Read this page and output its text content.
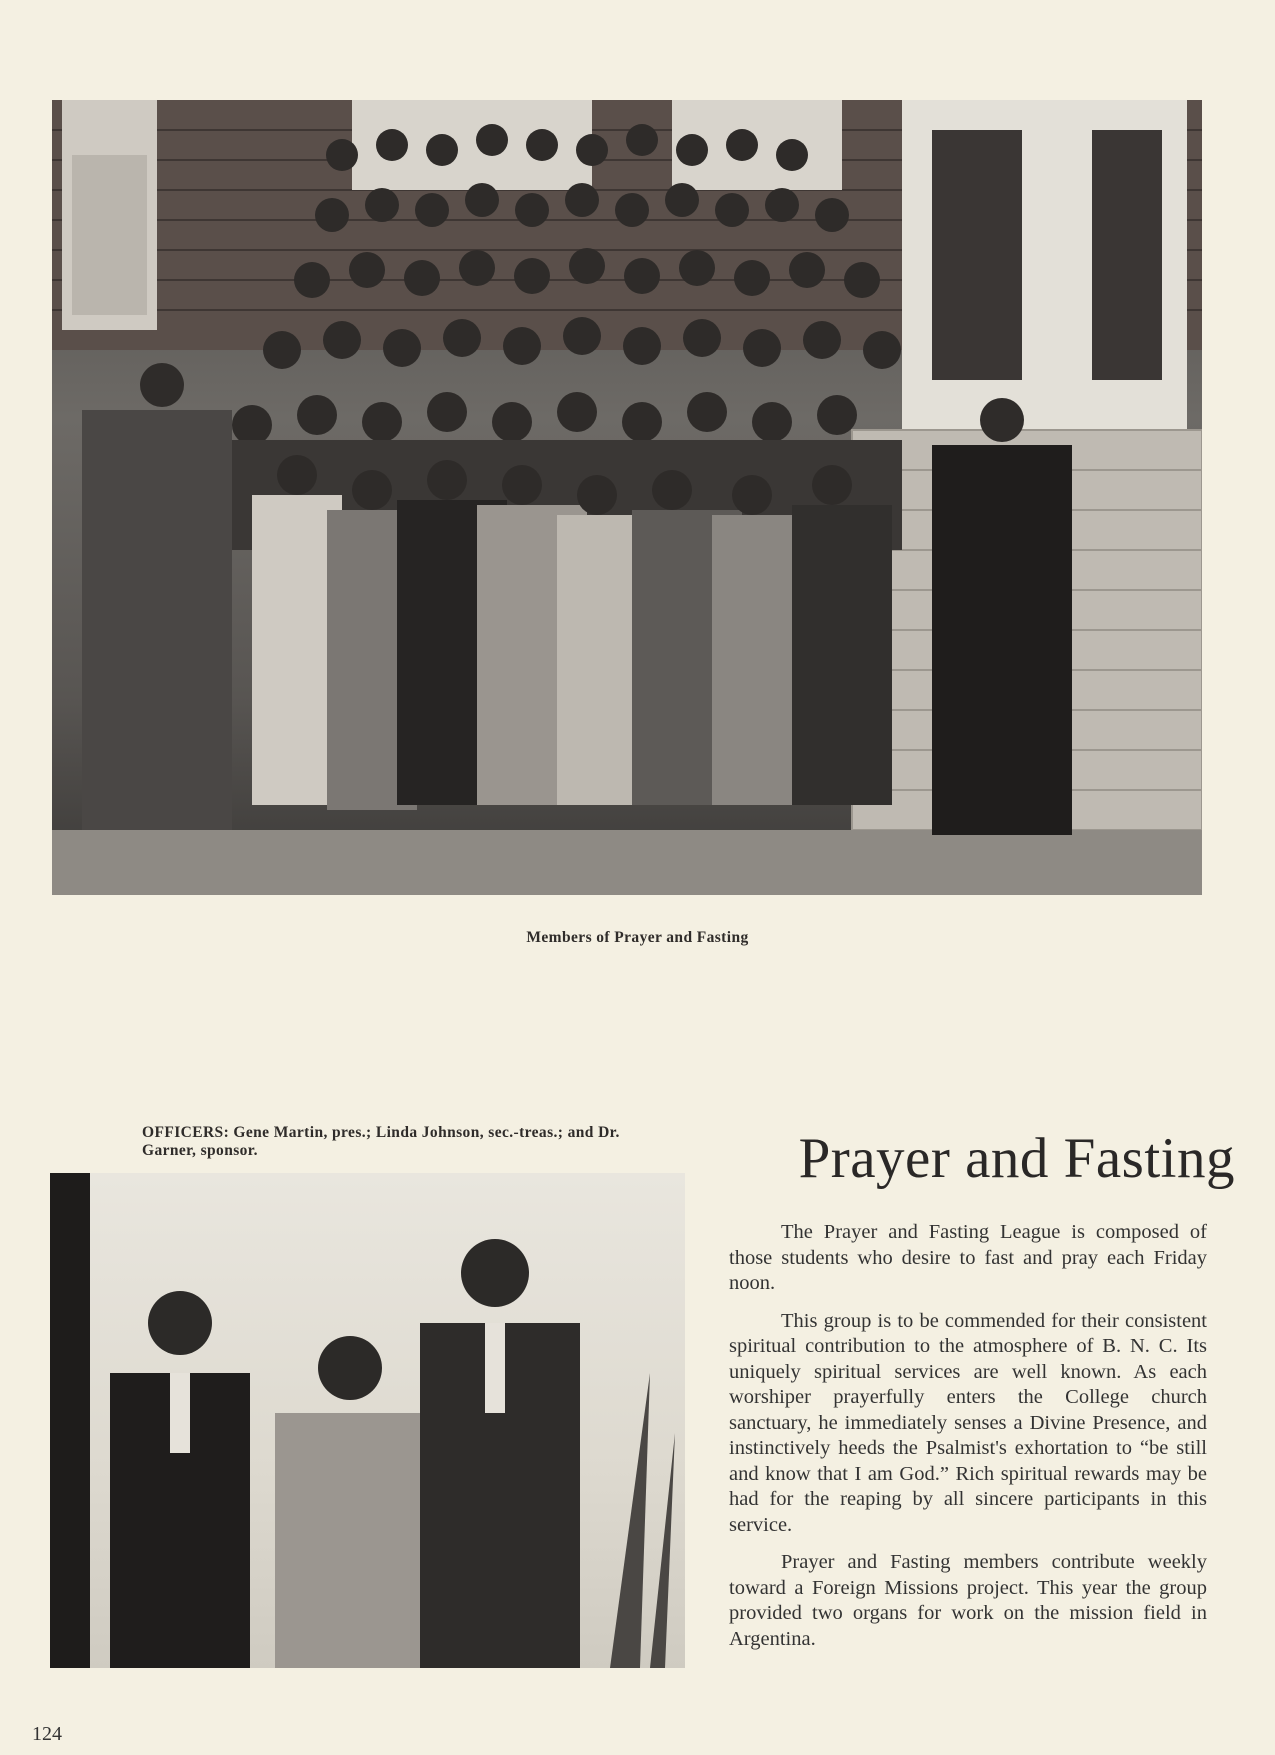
Members of Prayer and Fasting
OFFICERS: Gene Martin, pres.; Linda Johnson, sec.-treas.; and Dr. Garner, sponsor.	Prayer and Fasting

The Prayer and Fasting League is composed of those students who desire to fast and pray each Friday noon.

This group is to be commended for their consistent spiritual contribution to the atmosphere of B. N. C. Its uniquely spiritual services are well known. As each worshiper prayerfully enters the College church sanctuary, he immediately senses a Divine Presence, and instinctively heeds the Psalmist's exhortation to “be still and know that I am God.” Rich spiritual rewards may be had for the reaping by all sincere participants in this service.

Prayer and Fasting members contribute weekly toward a Foreign Missions project. This year the group provided two organs for work on the mission field in Argentina.

124
